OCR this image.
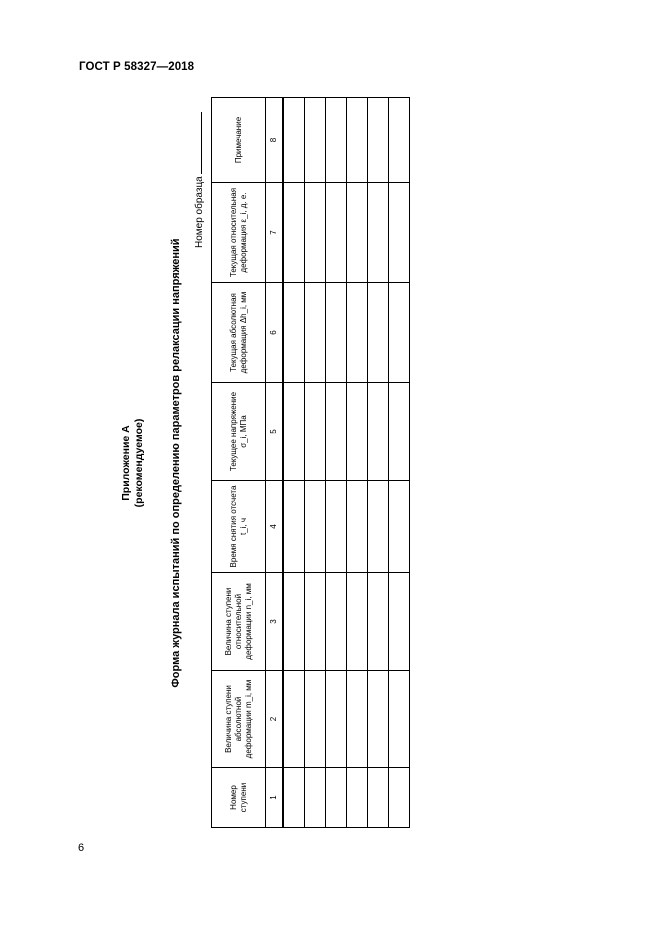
ГОСТ Р 58327—2018
Приложение А (рекомендуемое) Форма журнала испытаний по определению параметров релаксации напряжений
Номер образца
Номер ступени	Величина ступени абсолютной деформации m_i, мм	Величина ступени относительной деформации n_i, мм	Время снятия отсчета t_i, ч	Текущее напряжение σ_i, МПа	Текущая абсолютная деформация Δh_i, мм	Текущая относительная деформация ε_i, д. е.	Примечание
1	2	3	4	5	6	7	8

6
